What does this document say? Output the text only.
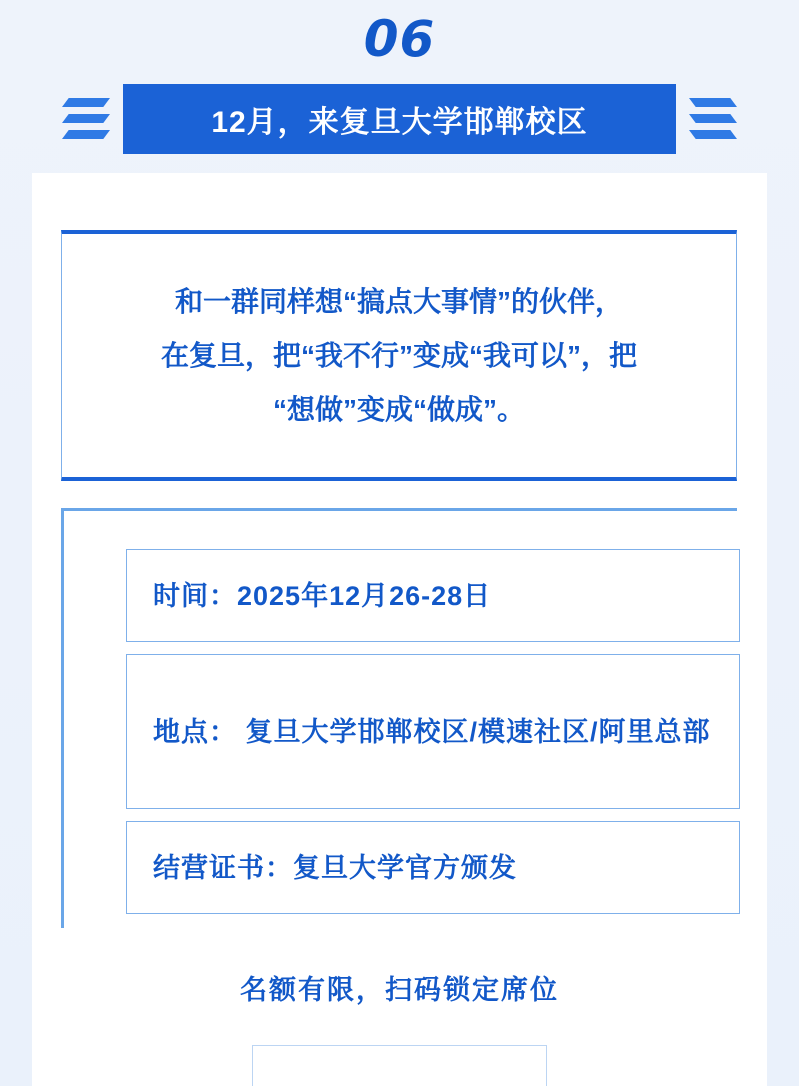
06
12月，来复旦大学邯郸校区
和一群同样想“搞点大事情”的伙伴，
在复旦，把“我不行”变成“我可以”，把
“想做”变成“做成”。
时间：2025年12月26-28日
地点： 复旦大学邯郸校区/模速社区/阿里总部
结营证书：复旦大学官方颁发
名额有限，扫码锁定席位
